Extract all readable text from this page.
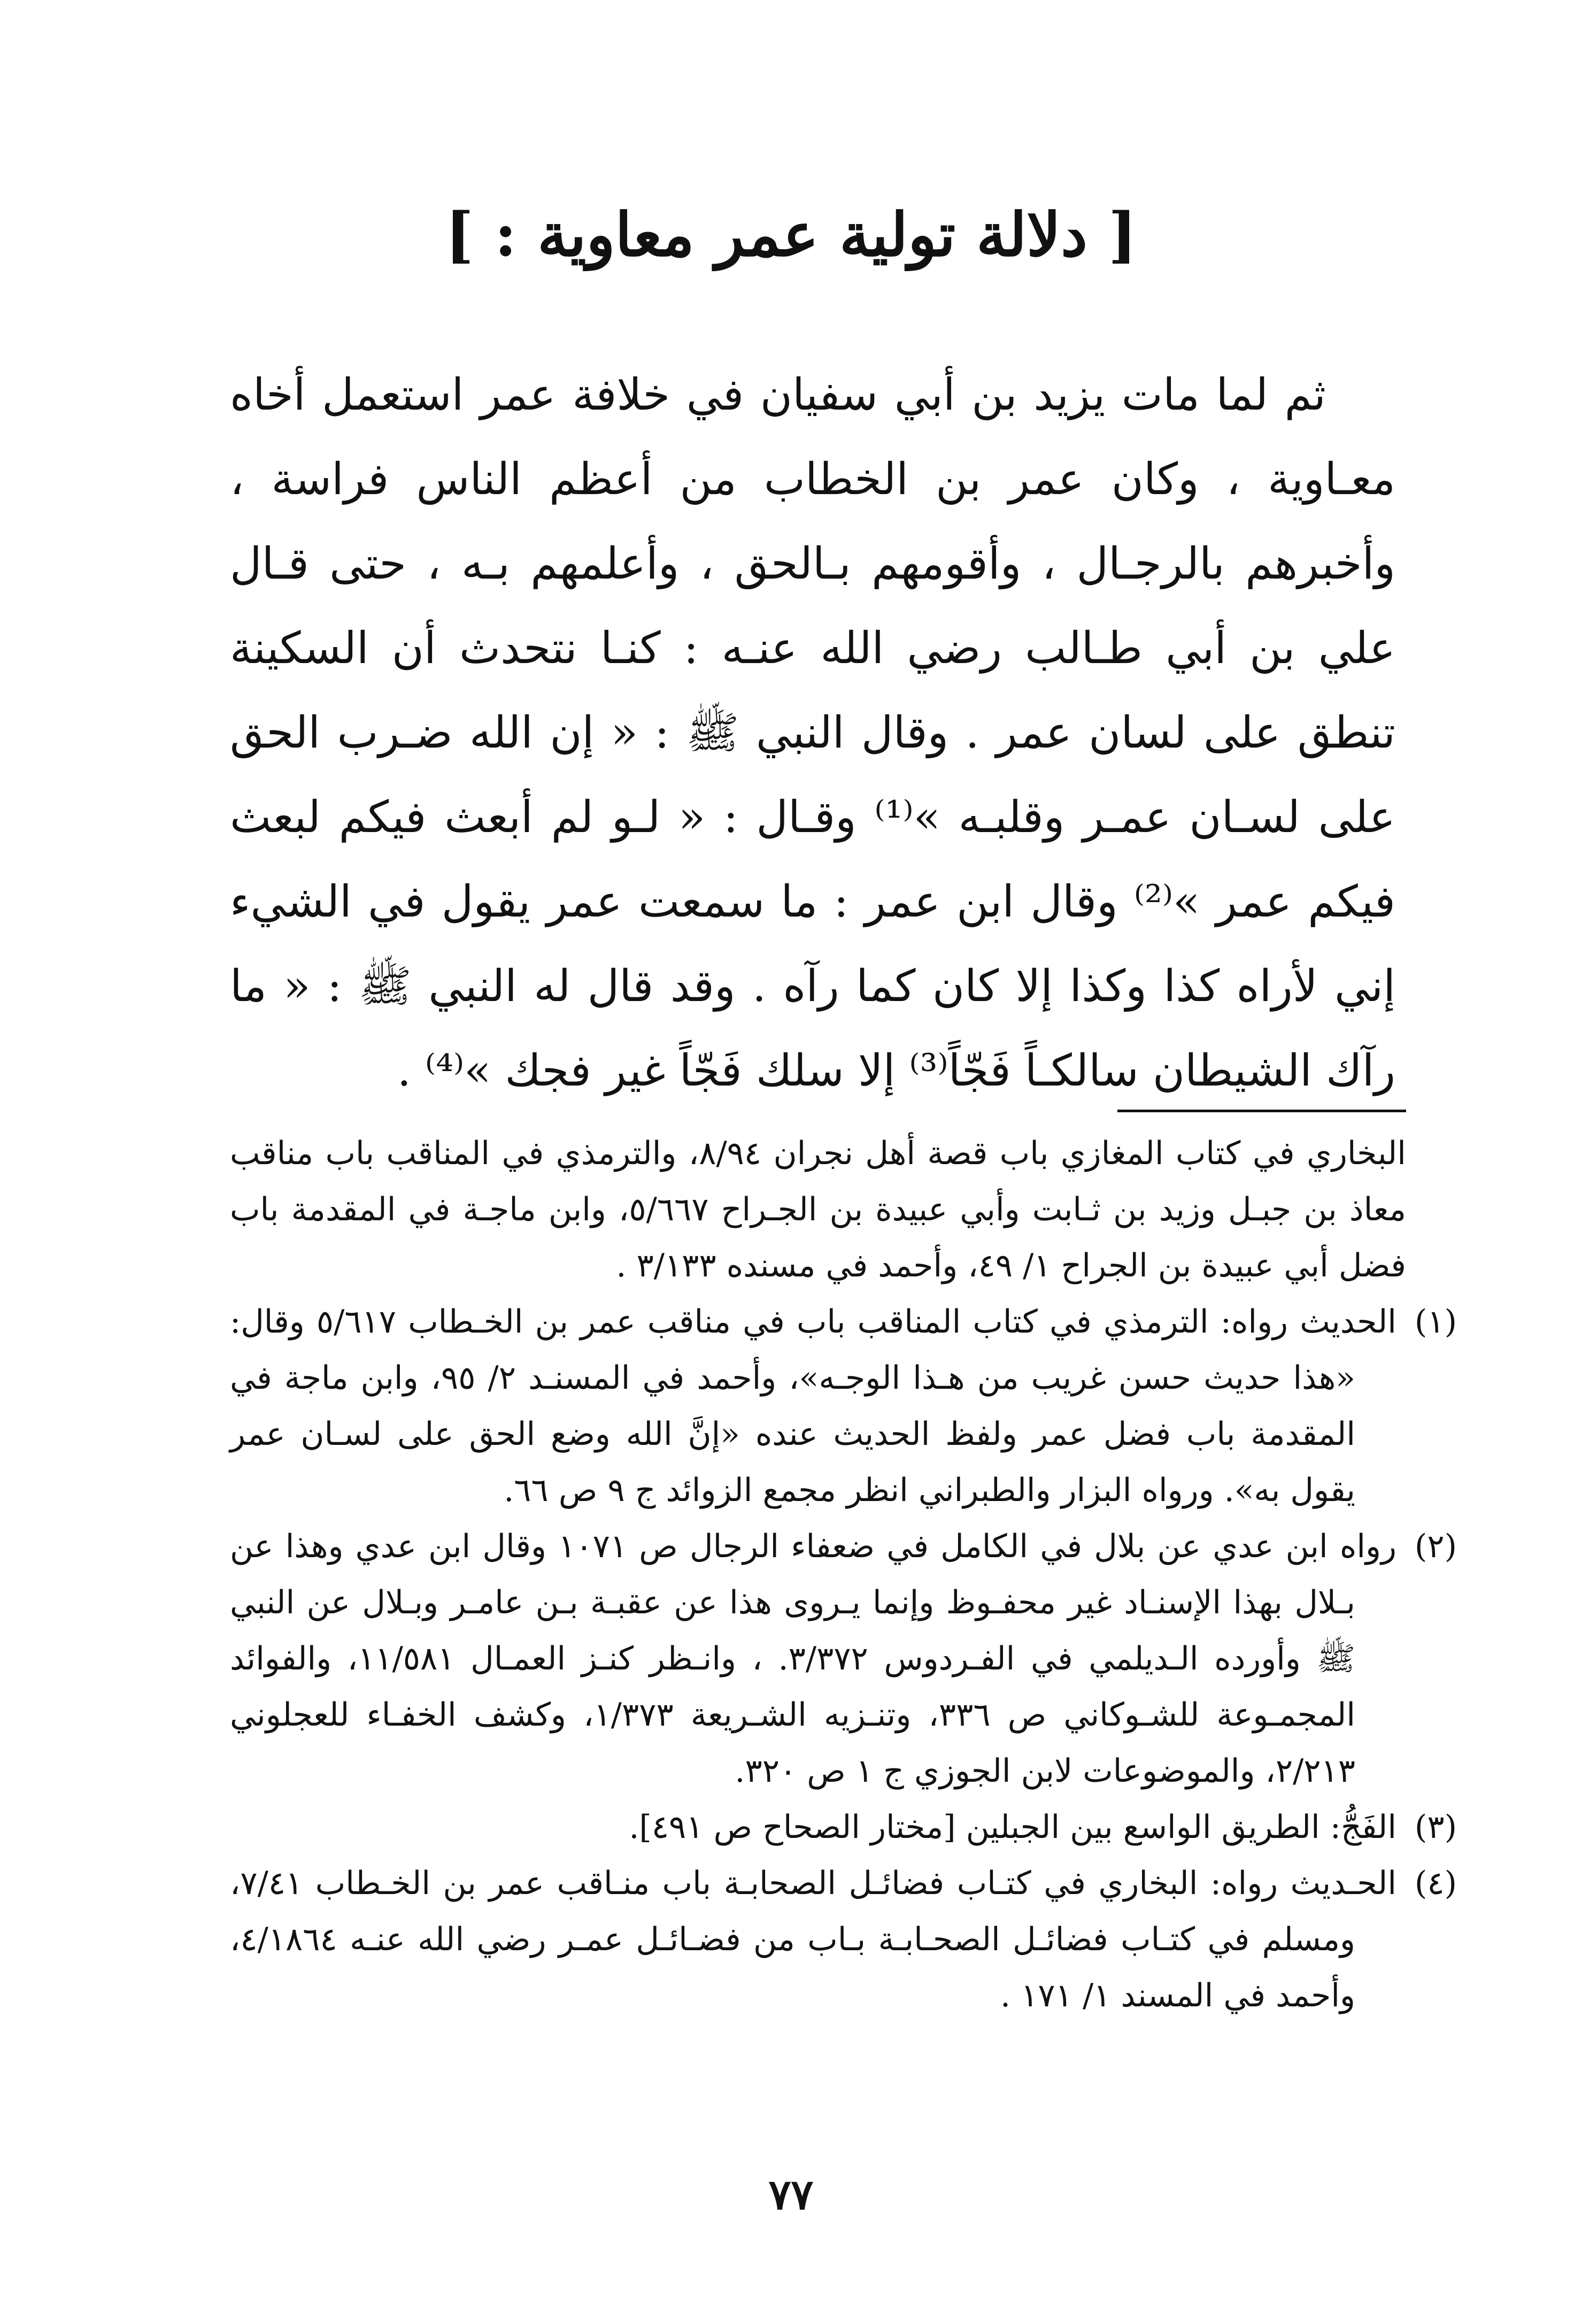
[ دلالة تولية عمر معاوية : ]

ثم لما مات يزيد بن أبي سفيان في خلافة عمر استعمل أخاه معـاوية ، وكان عمر بن الخطاب من أعظم الناس فراسة ، وأخبرهم بالرجـال ، وأقومهم بـالحق ، وأعلمهم بـه ، حتى قـال علي بن أبي طـالب رضي الله عنـه : كنـا نتحدث أن السكينة تنطق على لسان عمر . وقال النبي ﷺ : « إن الله ضـرب الحق على لسـان عمـر وقلبـه »⁽¹⁾ وقـال : « لـو لم أبعث فيكم لبعث فيكم عمر »⁽²⁾ وقال ابن عمر : ما سمعت عمر يقول في الشيء إني لأراه كذا وكذا إلا كان كما رآه . وقد قال له النبي ﷺ : « ما رآك الشيطان سالكـاً فَجّاً⁽³⁾ إلا سلك فَجّاً غير فجك »⁽⁴⁾ .

البخاري في كتاب المغازي باب قصة أهل نجران ٨/٩٤، والترمذي في المناقب باب مناقب معاذ بن جبـل وزيد بن ثـابت وأبي عبيدة بن الجـراح ٥/٦٦٧، وابن ماجـة في المقدمة باب فضل أبي عبيدة بن الجراح ١/ ٤٩، وأحمد في مسنده ٣/١٣٣ .

(١)الحديث رواه: الترمذي في كتاب المناقب باب في مناقب عمر بن الخـطاب ٥/٦١٧ وقال: «هذا حديث حسن غريب من هـذا الوجـه»، وأحمد في المسنـد ٢/ ٩٥، وابن ماجة في المقدمة باب فضل عمر ولفظ الحديث عنده «إنَّ الله وضع الحق على لسـان عمر يقول به». ورواه البزار والطبراني انظر مجمع الزوائد ج ٩ ص ٦٦.

(٢)رواه ابن عدي عن بلال في الكامل في ضعفاء الرجال ص ١٠٧١ وقال ابن عدي وهذا عن بـلال بهذا الإسنـاد غير محفـوظ وإنما يـروى هذا عن عقبـة بـن عامـر وبـلال عن النبي ﷺ وأورده الـديلمي في الفـردوس ٣/٣٧٢. ، وانـظر كنـز العمـال ١١/٥٨١، والفوائد المجمـوعة للشـوكاني ص ٣٣٦، وتنـزيه الشـريعة ١/٣٧٣، وكشف الخفـاء للعجلوني ٢/٢١٣، والموضوعات لابن الجوزي ج ١ ص ٣٢٠.

(٣)الفَجُّ: الطريق الواسع بين الجبلين [مختار الصحاح ص ٤٩١].

(٤)الحـديث رواه: البخاري في كتـاب فضائـل الصحابـة باب منـاقب عمر بن الخـطاب ٧/٤١، ومسلم في كتـاب فضائـل الصحـابـة بـاب من فضـائـل عمـر رضي الله عنـه ٤/١٨٦٤، وأحمد في المسند ١/ ١٧١ .

٧٧
